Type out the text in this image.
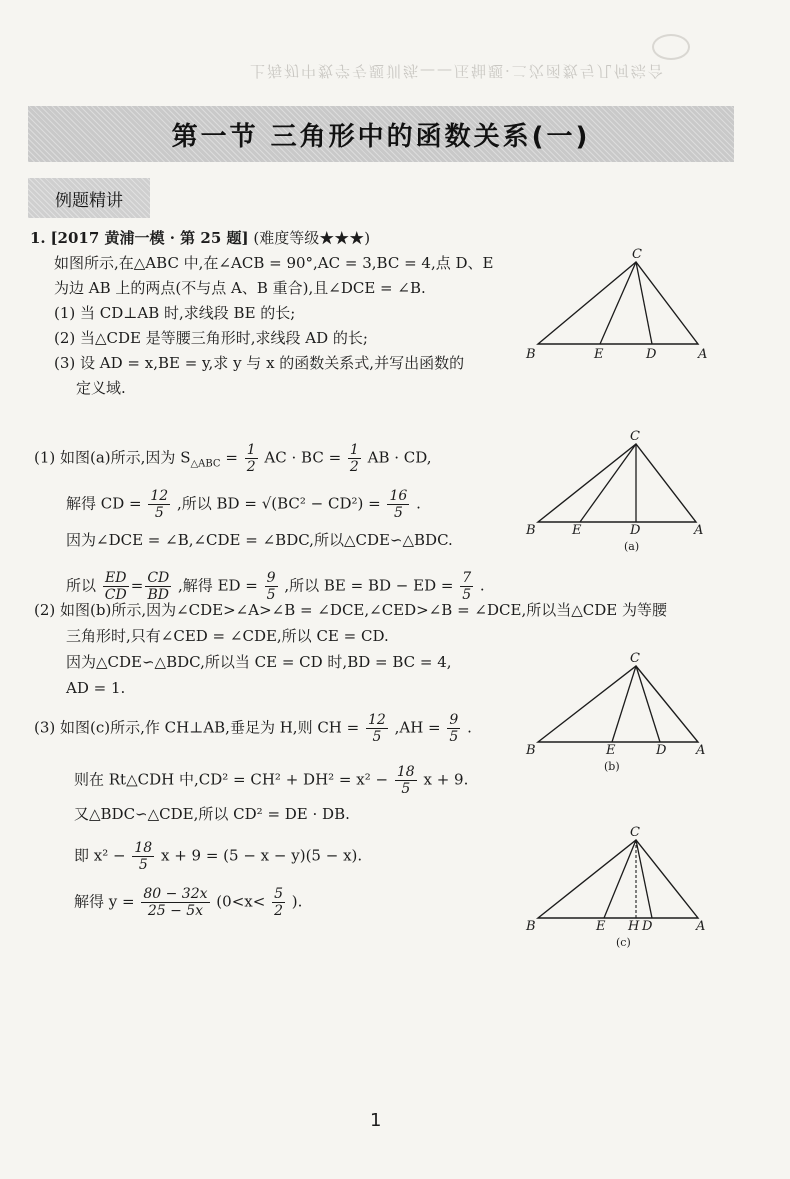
上海初中数学专题训练——压轴题·二次函数与几何综合
第一节 三角形中的函数关系(一)
例题精讲
1. [2017 黄浦一模 · 第 25 题] (难度等级★★★)
如图所示,在△ABC 中,在∠ACB = 90°,AC = 3,BC = 4,点 D、E
为边 AB 上的两点(不与点 A、B 重合),且∠DCE = ∠B.
(1) 当 CD⊥AB 时,求线段 BE 的长;
(2) 当△CDE 是等腰三角形时,求线段 AD 的长;
(3) 设 AD = x,BE = y,求 y 与 x 的函数关系式,并写出函数的
定义域.
C
B	E	D	A
(1) 如图(a)所示,因为 $S_{\triangle ABC} = \frac{1}{2}$ AC · BC = $\frac{1}{2}$ AB · CD,
解得 CD = $\frac{12}{5}$ ,所以 BD = $√(BC^2 - CD^2) = \frac{16}{5}$ .
因为∠DCE = ∠B,∠CDE = ∠BDC,所以△CDE∽△BDC.
所以 $\frac{ED}{CD} = \frac{CD}{BD}$ ,解得 ED = $\frac{9}{5}$ ,所以 BE = BD − ED = $\frac{7}{5}$ .
C
B	E	D	A
(a)
(2) 如图(b)所示,因为∠CDE>∠A>∠B = ∠DCE,∠CED>∠B = ∠DCE,所以当△CDE 为等腰
三角形时,只有∠CED = ∠CDE,所以 CE = CD.
因为△CDE∽△BDC,所以当 CE = CD 时,BD = BC = 4,
AD = 1.
C
B	E	D A
(b)
(3) 如图(c)所示,作 CH⊥AB,垂足为 H,则 CH = $\frac{12}{5} ,AH = \frac{9}{5}$ .
则在 Rt△CDH 中$,CD^2 = CH^2 + DH^2 = x^2 - \frac{18}{5}$ x + 9.
又△BDC∽△CDE,所以 CD² = DE · DB.
即 $x^2 - \frac{18}{5}$ x + 9 = (5 − x − y)(5 − x).
解得 $y = \frac{80 - 32x}{25 - 5x} (0<x< \frac{5}{2}$ ).
C
B	E H D	A
(c)
1
